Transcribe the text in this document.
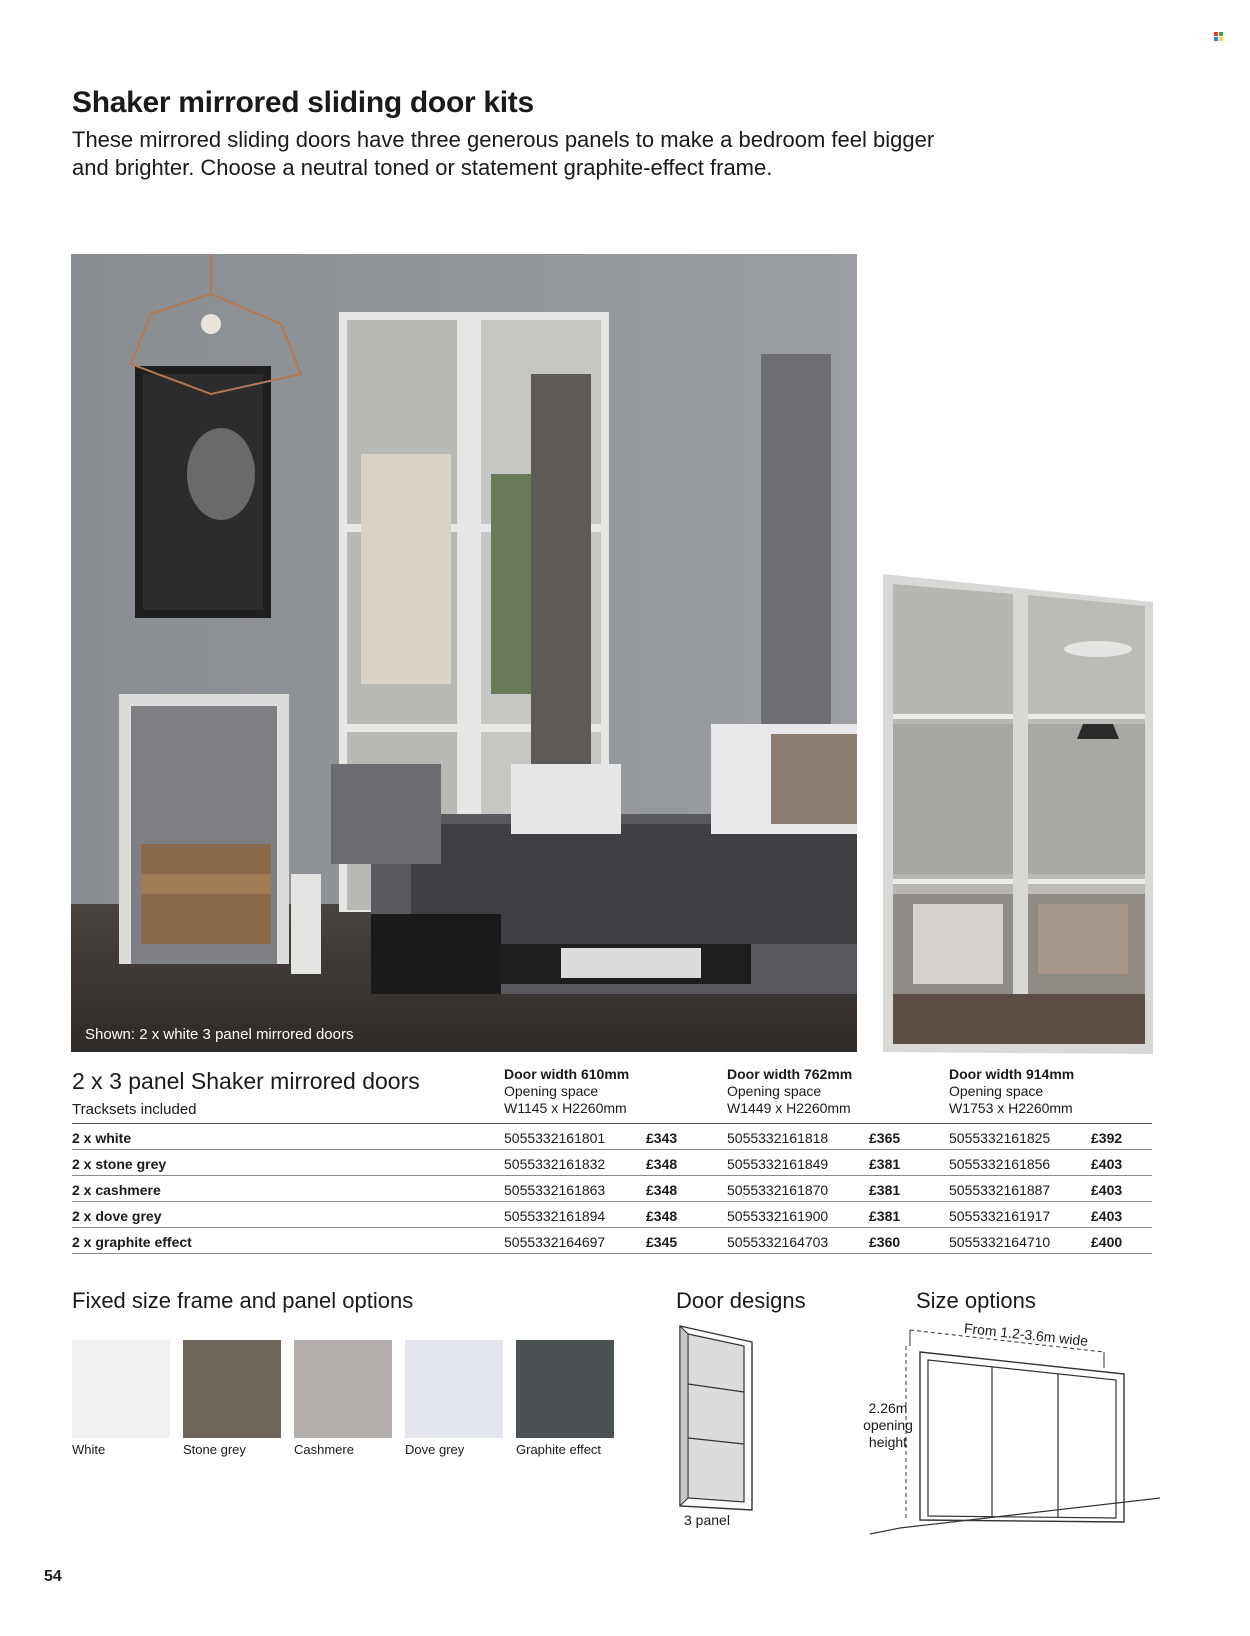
Shaker mirrored sliding door kits

These mirrored sliding doors have three generous panels to make a bedroom feel bigger and brighter. Choose a neutral toned or statement graphite-effect frame.

Shown: 2 x white 3 panel mirrored doors
2 x 3 panel Shaker mirrored doors
Tracksets included
Door width 610mm
Opening space
W1145 x H2260mm
Door width 762mm
Opening space
W1449 x H2260mm
Door width 914mm
Opening space
W1753 x H2260mm
2 x white	5055332161801	£343	5055332161818	£365	5055332161825	£392
2 x stone grey	5055332161832	£348	5055332161849	£381	5055332161856	£403
2 x cashmere	5055332161863	£348	5055332161870	£381	5055332161887	£403
2 x dove grey	5055332161894	£348	5055332161900	£381	5055332161917	£403
2 x graphite effect	5055332164697	£345	5055332164703	£360	5055332164710	£400
Fixed size frame and panel options
White	Stone grey	Cashmere	Dove grey	Graphite effect
Door designs
3 panel
Size options
From 1.2-3.6m wide
2.26m
opening
height
54
